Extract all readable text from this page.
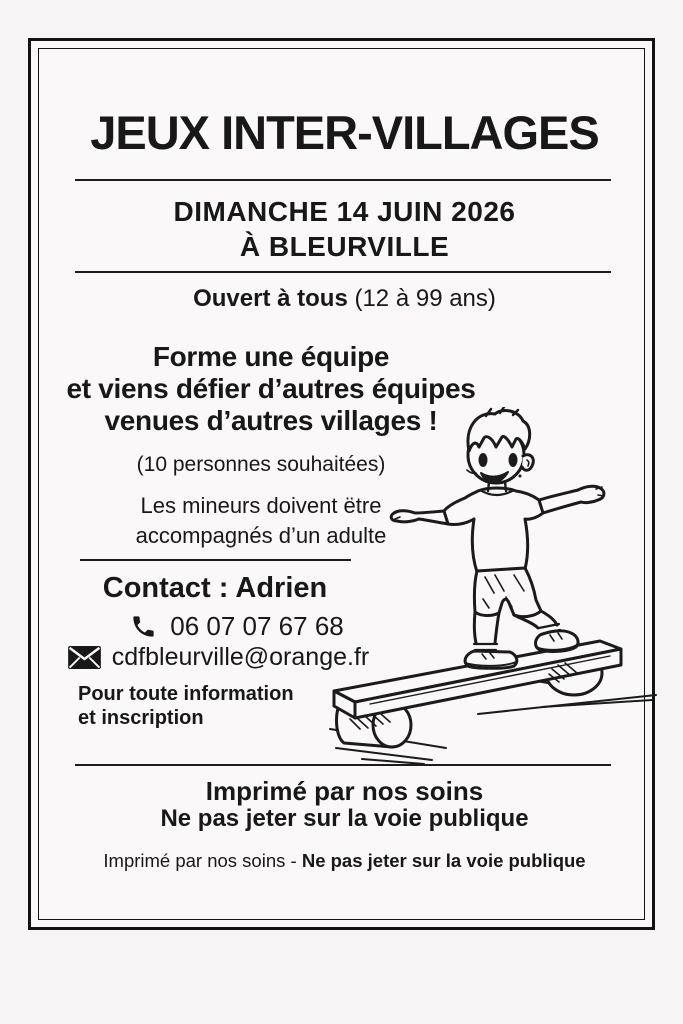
JEUX INTER-VILLAGES
DIMANCHE 14 JUIN 2026
À BLEURVILLE
Ouvert à tous (12 à 99 ans)
Forme une équipe
et viens défier d’autres équipes
venues d’autres villages !
(10 personnes souhaitées)
Les mineurs doivent ëtre
accompagnés d’un adulte
Contact : Adrien
06 07 07 67 68
cdfbleurville@orange.fr
Pour toute information
et inscription
Imprimé par nos soins
Ne pas jeter sur la voie publique
Imprimé par nos soins - Ne pas jeter sur la voie publique
